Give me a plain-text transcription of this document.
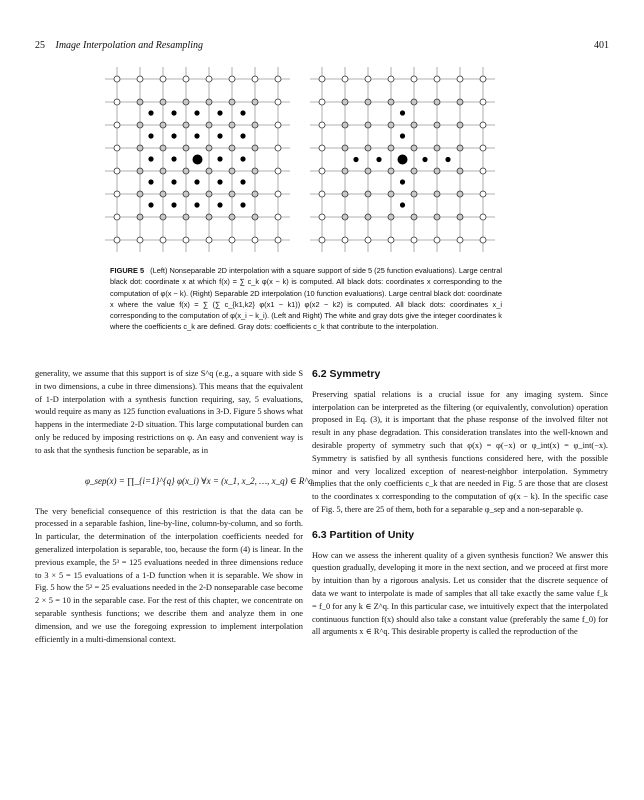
25 Image Interpolation and Resampling	401
FIGURE 5 (Left) Nonseparable 2D interpolation with a square support of side 5 (25 function evaluations). Large central black dot: coordinate x at which f(x) = ∑ c_k φ(x − k) is computed. All black dots: coordinates x corresponding to the computation of φ(x − k). (Right) Separable 2D interpolation (10 function evaluations). Large central black dot: coordinate x where the value f(x) = ∑ (∑ c_{k1,k2} φ(x1 − k1)) φ(x2 − k2) is computed. All black dots: coordinates x_i corresponding to the computation of φ(x_i − k_i). (Left and Right) The white and gray dots give the integer coordinates k where the coefficients c_k are defined. Gray dots: coefficients c_k that contribute to the interpolation.

generality, we assume that this support is of size S^q (e.g., a square with side S in two dimensions, a cube in three dimensions). This means that the equivalent of 1-D interpolation with a synthesis function requiring, say, 5 evaluations, would require as many as 125 function evaluations in 3-D. Figure 5 shows what happens in the intermediate 2-D situation. This large computational burden can only be reduced by imposing restrictions on φ. An easy and convenient way is to ask that the synthesis function be separable, as in

φ_sep(x) = ∏_{i=1}^{q} φ(x_i) ∀x = (x_1, x_2, …, x_q) ∈ R^q.

The very beneficial consequence of this restriction is that the data can be processed in a separable fashion, line-by-line, column-by-column, and so forth. In particular, the determination of the interpolation coefficients needed for generalized interpolation is separable, too, because the form (4) is linear. In the previous example, the 5³ = 125 evaluations needed in three dimensions reduce to 3 × 5 = 15 evaluations of a 1-D function when it is separable. We show in Fig. 5 how the 5² = 25 evaluations needed in the 2-D nonseparable case become 2 × 5 = 10 in the separable case. For the rest of this chapter, we concentrate on separable synthesis functions; we describe them and analyze them in one dimension, and we use the foregoing expression to implement interpolation efficiently in a multi-dimensional context.

6.2 Symmetry

Preserving spatial relations is a crucial issue for any imaging system. Since interpolation can be interpreted as the filtering (or equivalently, convolution) operation proposed in Eq. (3), it is important that the phase response of the involved filter not result in any phase degradation. This consideration translates into the well-known and desirable property of symmetry such that φ(x) = φ(−x) or φ_int(x) = φ_int(−x). Symmetry is satisfied by all synthesis functions considered here, with the possible minor and very localized exception of nearest-neighbor interpolation. Symmetry implies that the only coefficients c_k that are needed in Fig. 5 are those that are closest to the coordinates x corresponding to the computation of φ(x − k). In the specific case of Fig. 5, there are 25 of them, both for a separable φ_sep and a non-separable φ.

6.3 Partition of Unity

How can we assess the inherent quality of a given synthesis function? We answer this question gradually, developing it more in the next section, and we proceed at first more by intuition than by a rigorous analysis. Let us consider that the discrete sequence of data we want to interpolate is made of samples that all take exactly the same value f_k = f_0 for any k ∈ Z^q. In this particular case, we intuitively expect that the interpolated continuous function f(x) should also take a constant value (preferably the same f_0) for all arguments x ∈ R^q. This desirable property is called the reproduction of the
